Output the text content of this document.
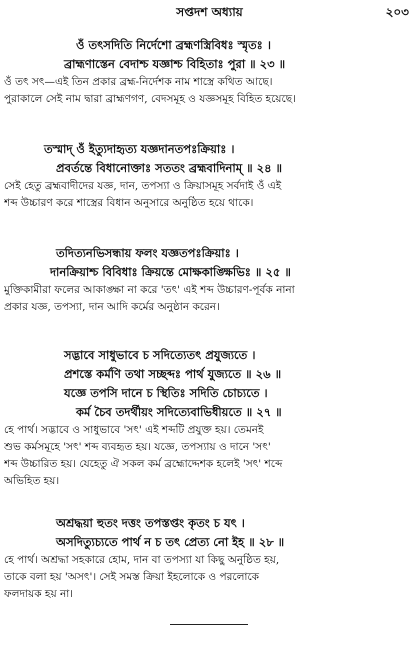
সপ্তদশ অধ্যায়	২০৩
ওঁ তৎসদিতি নির্দেশো ব্রহ্মণস্ত্রিবিধঃ স্মৃতঃ ।
ব্রাহ্মণাস্তেন বেদাশ্চ যজ্ঞাশ্চ বিহিতাঃ পুরা ॥ ২৩ ॥
ওঁ তৎ সৎ—এই তিন প্রকার ব্রহ্ম-নির্দেশক নাম শাস্ত্রে কথিত আছে।
পুরাকালে সেই নাম দ্বারা ব্রাহ্মণগণ, বেদসমূহ ও যজ্ঞসমূহ বিহিত হয়েছে।
তস্মাদ্ ওঁ ইত্যুদাহৃত্য যজ্ঞদানতপঃক্রিয়াঃ ।
প্রবর্তন্তে বিধানোক্তাঃ সততং ব্রহ্মবাদিনাম্ ॥ ২৪ ॥
সেই হেতু ব্রহ্মবাদীদের যজ্ঞ, দান, তপস্যা ও ক্রিয়াসমূহ সর্বদাই ওঁ এই
শব্দ উচ্চারণ করে শাস্ত্রের বিধান অনুসারে অনুষ্ঠিত হয়ে থাকে।
তদিত্যনভিসন্ধায় ফলং যজ্ঞতপঃক্রিয়াঃ ।
দানক্রিয়াশ্চ বিবিধাঃ ক্রিয়ন্তে মোক্ষকাঙ্ক্ষিভিঃ ॥ ২৫ ॥
মুক্তিকামীরা ফলের আকাঙ্ক্ষা না করে 'তৎ' এই শব্দ উচ্চারণ-পূর্বক নানা
প্রকার যজ্ঞ, তপস্যা, দান আদি কর্মের অনুষ্ঠান করেন।
সদ্ভাবে সাধুভাবে চ সদিত্যেতৎ প্রযুজ্যতে ।
প্রশস্তে কর্মণি তথা সচ্ছব্দঃ পার্থ যুজ্যতে ॥ ২৬ ॥
যজ্ঞে তপসি দানে চ স্থিতিঃ সদিতি চোচ্যতে ।
কর্ম চৈব তদর্থীয়ং সদিত্যেবাভিধীয়তে ॥ ২৭ ॥
হে পার্থ। সদ্ভাবে ও সাধুভাবে 'সৎ' এই শব্দটি প্রযুক্ত হয়। তেমনই
শুভ কর্মসমূহে 'সৎ' শব্দ ব্যবহৃত হয়। যজ্ঞে, তপস্যায় ও দানে 'সৎ'
শব্দ উচ্চারিত হয়। যেহেতু ঐ সকল কর্ম ব্রহ্মোদ্দেশক হলেই 'সৎ' শব্দে
অভিহিত হয়।
অশ্রদ্ধয়া হুতং দত্তং তপস্তপ্তং কৃতং চ যৎ ।
অসদিত্যুচ্যতে পার্থ ন চ তৎ প্রেত্য নো ইহ ॥ ২৮ ॥
হে পার্থ। অশ্রদ্ধা সহকারে হোম, দান বা তপস্যা যা কিছু অনুষ্ঠিত হয়,
তাকে বলা হয় 'অসৎ'। সেই সমস্ত ক্রিয়া ইহলোকে ও পরলোকে
ফলদায়ক হয় না।
